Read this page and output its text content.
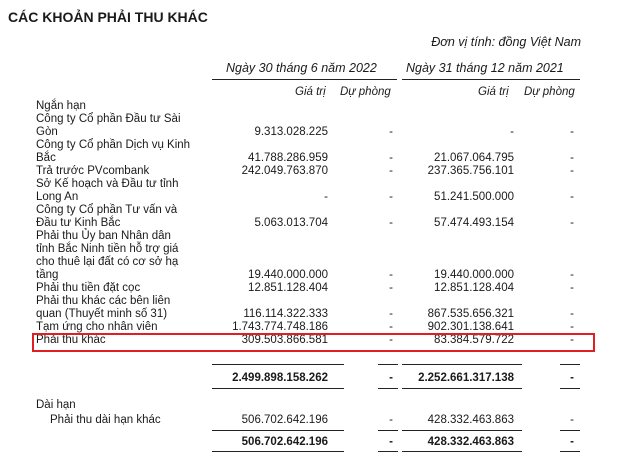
CÁC KHOẢN PHẢI THU KHÁC
Đơn vị tính: đồng Việt Nam
Ngày 30 tháng 6 năm 2022 Ngày 31 tháng 12 năm 2021
Giá trị Dự phòng	Giá trị Dự phòng
Ngắn hạn
Công ty Cổ phần Đầu tư Sài
Gòn	9.313.028.225	-	-	-
Công ty Cổ phần Dịch vụ Kinh
Bắc	41.788.286.959	-	21.067.064.795	-
Trả trước PVcombank	242.049.763.870	-	237.365.756.101	-
Sở Kế hoạch và Đầu tư tỉnh
Long An	-	-	51.241.500.000	-
Công ty Cổ phần Tư vấn và
Đầu tư Kinh Bắc	5.063.013.704	-	57.474.493.154	-
Phải thu Ủy ban Nhân dân
tỉnh Bắc Ninh tiền hỗ trợ giá
cho thuê lại đất có cơ sở hạ
tầng	19.440.000.000	-	19.440.000.000	-
Phải thu tiền đặt cọc	12.851.128.404	-	12.851.128.404	-
Phải thu khác các bên liên
quan (Thuyết minh số 31)	116.114.322.333	-	867.535.656.321	-
Tạm ứng cho nhân viên	1.743.774.748.186	-	902.301.138.641	-
Phải thu khác	309.503.866.581	-	83.384.579.722	-
2.499.898.158.262	- 2.252.661.317.138	-
Dài hạn
Phải thu dài hạn khác	506.702.642.196	-	428.332.463.863	-
506.702.642.196	-	428.332.463.863	-
